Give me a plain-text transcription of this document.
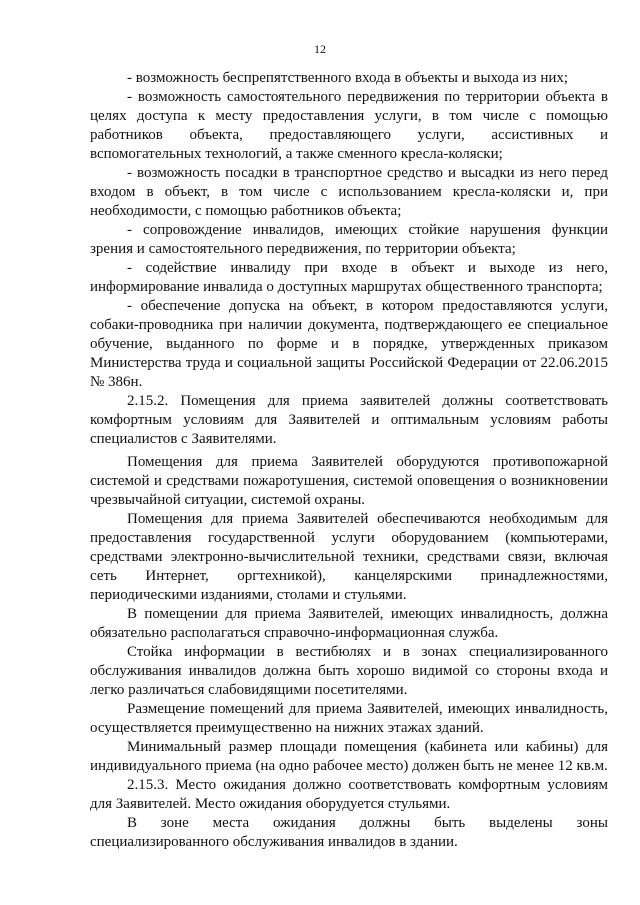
12

- возможность беспрепятственного входа в объекты и выхода из них;

- возможность самостоятельного передвижения по территории объекта в целях доступа к месту предоставления услуги, в том числе с помощью работников объекта, предоставляющего услуги, ассистивных и вспомогательных технологий, а также сменного кресла-коляски;

- возможность посадки в транспортное средство и высадки из него перед входом в объект, в том числе с использованием кресла-коляски и, при необходимости, с помощью работников объекта;

- сопровождение инвалидов, имеющих стойкие нарушения функции зрения и самостоятельного передвижения, по территории объекта;

- содействие инвалиду при входе в объект и выходе из него, информирование инвалида о доступных маршрутах общественного транспорта;

- обеспечение допуска на объект, в котором предоставляются услуги, собаки-проводника при наличии документа, подтверждающего ее специальное обучение, выданного по форме и в порядке, утвержденных приказом Министерства труда и социальной защиты Российской Федерации от 22.06.2015 № 386н.

2.15.2. Помещения для приема заявителей должны соответствовать комфортным условиям для Заявителей и оптимальным условиям работы специалистов с Заявителями.

Помещения для приема Заявителей оборудуются противопожарной системой и средствами пожаротушения, системой оповещения о возникновении чрезвычайной ситуации, системой охраны.

Помещения для приема Заявителей обеспечиваются необходимым для предоставления государственной услуги оборудованием (компьютерами, средствами электронно-вычислительной техники, средствами связи, включая сеть Интернет, оргтехникой), канцелярскими принадлежностями, периодическими изданиями, столами и стульями.

В помещении для приема Заявителей, имеющих инвалидность, должна обязательно располагаться справочно-информационная служба.

Стойка информации в вестибюлях и в зонах специализированного обслуживания инвалидов должна быть хорошо видимой со стороны входа и легко различаться слабовидящими посетителями.

Размещение помещений для приема Заявителей, имеющих инвалидность, осуществляется преимущественно на нижних этажах зданий.

Минимальный размер площади помещения (кабинета или кабины) для индивидуального приема (на одно рабочее место) должен быть не менее 12 кв.м.

2.15.3. Место ожидания должно соответствовать комфортным условиям для Заявителей. Место ожидания оборудуется стульями.

В зоне места ожидания должны быть выделены зоны специализированного обслуживания инвалидов в здании.
